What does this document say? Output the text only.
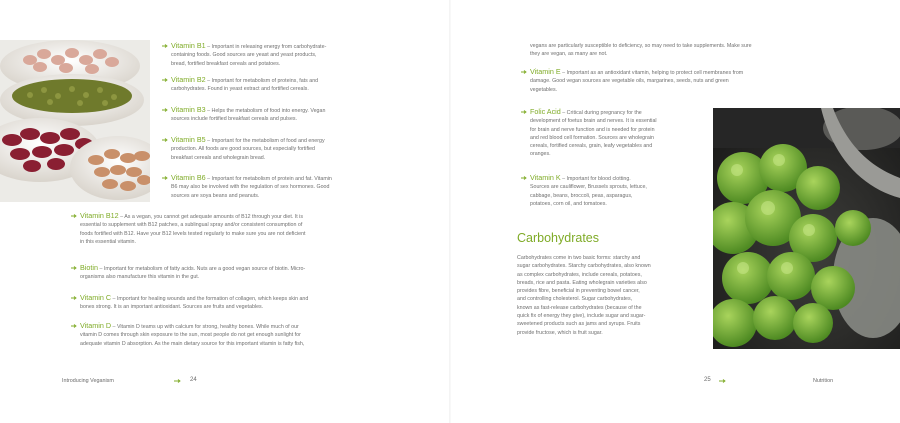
Vitamin B1 – Important in releasing energy from carbohydrate-
containing foods. Good sources are yeast and yeast products,
bread, fortified breakfast cereals and potatoes.
Vitamin B2 – Important for metabolism of proteins, fats and
carbohydrates. Found in yeast extract and fortified cereals.
Vitamin B3 – Helps the metabolism of food into energy. Vegan
sources include fortified breakfast cereals and pulses.
Vitamin B5 – Important for the metabolism of food and energy
production. All foods are good sources, but especially fortified
breakfast cereals and wholegrain bread.
Vitamin B6 – Important for metabolism of protein and fat. Vitamin
B6 may also be involved with the regulation of sex hormones. Good
sources are soya beans and peanuts.
Vitamin B12 – As a vegan, you cannot get adequate amounts of B12 through your diet. It is
essential to supplement with B12 patches, a sublingual spray and/or consistent consumption of
foods fortified with B12. Have your B12 levels tested regularly to make sure you are not deficient
in this essential vitamin.
Biotin – Important for metabolism of fatty acids. Nuts are a good vegan source of biotin. Micro-
organisms also manufacture this vitamin in the gut.
Vitamin C – Important for healing wounds and the formation of collagen, which keeps skin and
bones strong. It is an important antioxidant. Sources are fruits and vegetables.
Vitamin D – Vitamin D teams up with calcium for strong, healthy bones. While much of our
vitamin D comes through skin exposure to the sun, most people do not get enough sunlight for
adequate vitamin D absorption. As the main dietary source for this important vitamin is fatty fish,
Introducing Veganism	24
vegans are particularly susceptible to deficiency, so may need to take supplements. Make sure
they are vegan, as many are not.
Vitamin E – Important as an antioxidant vitamin, helping to protect cell membranes from
damage. Good vegan sources are vegetable oils, margarines, seeds, nuts and green
vegetables.
Folic Acid – Critical during pregnancy for the
development of foetus brain and nerves. It is essential
for brain and nerve function and is needed for protein
and red blood cell formation. Sources are wholegrain
cereals, fortified cereals, grain, leafy vegetables and
oranges.
Vitamin K – Important for blood clotting.
Sources are cauliflower, Brussels sprouts, lettuce,
cabbage, beans, broccoli, peas, asparagus,
potatoes, corn oil, and tomatoes.
Carbohydrates
Carbohydrates come in two basic forms: starchy and
sugar carbohydrates. Starchy carbohydrates, also known
as complex carbohydrates, include cereals, potatoes,
breads, rice and pasta. Eating wholegrain varieties also
provides fibre, beneficial in preventing bowel cancer,
and controlling cholesterol. Sugar carbohydrates,
known as fast-release carbohydrates (because of the
quick fix of energy they give), include sugar and sugar-
sweetened products such as jams and syrups. Fruits
provide fructose, which is fruit sugar.
25	Nutrition
